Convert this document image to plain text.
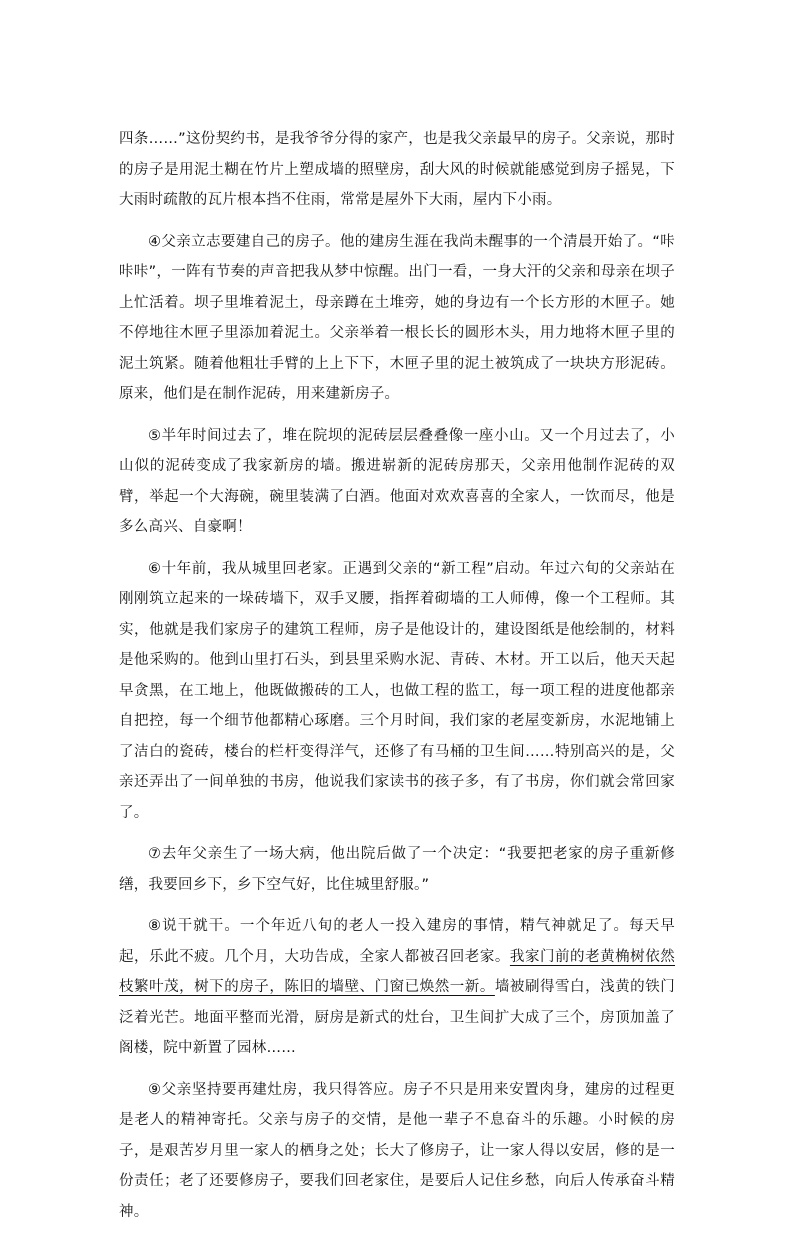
四条……”这份契约书，是我爷爷分得的家产，也是我父亲最早的房子。父亲说，那时的房子是用泥土糊在竹片上塑成墙的照壁房，刮大风的时候就能感觉到房子摇晃，下大雨时疏散的瓦片根本挡不住雨，常常是屋外下大雨，屋内下小雨。

④父亲立志要建自己的房子。他的建房生涯在我尚未醒事的一个清晨开始了。“咔咔咔”，一阵有节奏的声音把我从梦中惊醒。出门一看，一身大汗的父亲和母亲在坝子上忙活着。坝子里堆着泥土，母亲蹲在土堆旁，她的身边有一个长方形的木匣子。她不停地往木匣子里添加着泥土。父亲举着一根长长的圆形木头，用力地将木匣子里的泥土筑紧。随着他粗壮手臂的上上下下，木匣子里的泥土被筑成了一块块方形泥砖。原来，他们是在制作泥砖，用来建新房子。

⑤半年时间过去了，堆在院坝的泥砖层层叠叠像一座小山。又一个月过去了，小山似的泥砖变成了我家新房的墙。搬进崭新的泥砖房那天，父亲用他制作泥砖的双臂，举起一个大海碗，碗里装满了白酒。他面对欢欢喜喜的全家人，一饮而尽，他是多么高兴、自豪啊！

⑥十年前，我从城里回老家。正遇到父亲的“新工程”启动。年过六旬的父亲站在刚刚筑立起来的一垛砖墙下，双手叉腰，指挥着砌墙的工人师傅，像一个工程师。其实，他就是我们家房子的建筑工程师，房子是他设计的，建设图纸是他绘制的，材料是他采购的。他到山里打石头，到县里采购水泥、青砖、木材。开工以后，他天天起早贪黑，在工地上，他既做搬砖的工人，也做工程的监工，每一项工程的进度他都亲自把控，每一个细节他都精心琢磨。三个月时间，我们家的老屋变新房，水泥地铺上了洁白的瓷砖，楼台的栏杆变得洋气，还修了有马桶的卫生间……特别高兴的是，父亲还弄出了一间单独的书房，他说我们家读书的孩子多，有了书房，你们就会常回家了。

⑦去年父亲生了一场大病，他出院后做了一个决定：“我要把老家的房子重新修缮，我要回乡下，乡下空气好，比住城里舒服。”

⑧说干就干。一个年近八旬的老人一投入建房的事情，精气神就足了。每天早起，乐此不疲。几个月，大功告成，全家人都被召回老家。我家门前的老黄桷树依然枝繁叶茂，树下的房子，陈旧的墙壁、门窗已焕然一新。墙被刷得雪白，浅黄的铁门泛着光芒。地面平整而光滑，厨房是新式的灶台，卫生间扩大成了三个，房顶加盖了阁楼，院中新置了园林……

⑨父亲坚持要再建灶房，我只得答应。房子不只是用来安置肉身，建房的过程更是老人的精神寄托。父亲与房子的交情，是他一辈子不息奋斗的乐趣。小时候的房子，是艰苦岁月里一家人的栖身之处；长大了修房子，让一家人得以安居，修的是一份责任；老了还要修房子，要我们回老家住，是要后人记住乡愁，向后人传承奋斗精神。
